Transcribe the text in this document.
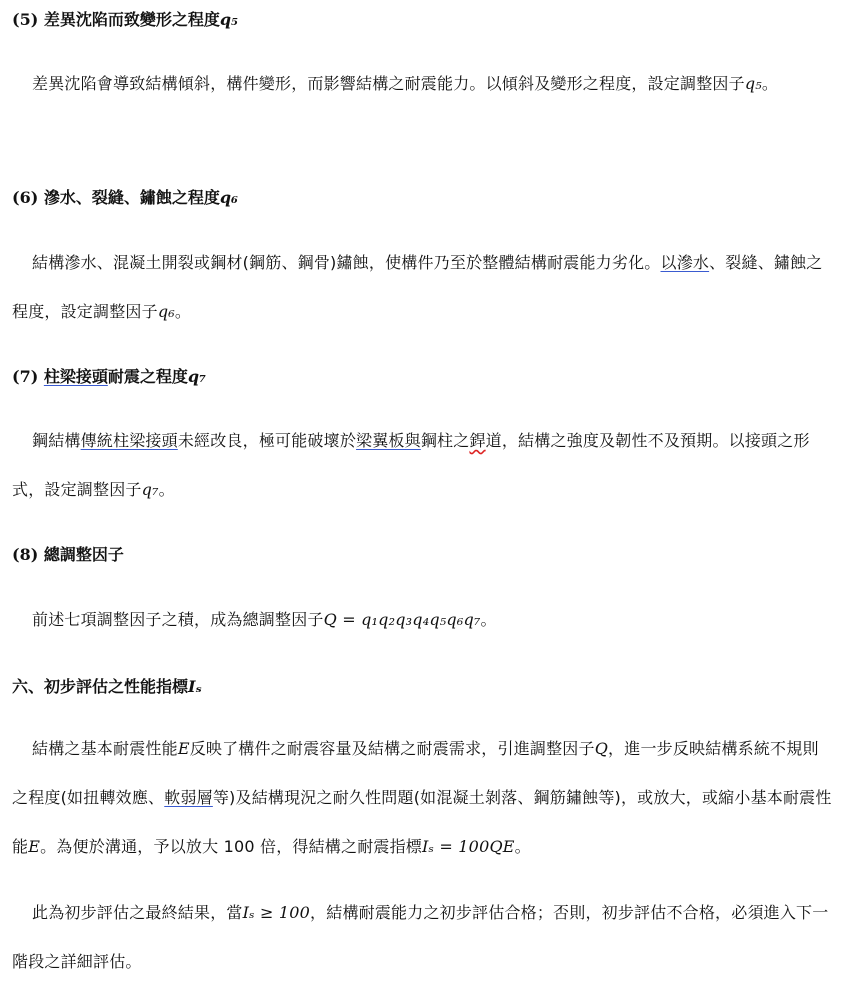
(5) 差異沈陷而致變形之程度q₅
差異沈陷會導致結構傾斜，構件變形，而影響結構之耐震能力。以傾斜及變形之程度，設定調整因子q₅。
(6) 滲水、裂縫、鏽蝕之程度q₆
結構滲水、混凝土開裂或鋼材(鋼筋、鋼骨)鏽蝕，使構件乃至於整體結構耐震能力劣化。以滲水、裂縫、鏽蝕之程度，設定調整因子q₆。
(7) 柱梁接頭耐震之程度q₇
鋼結構傳統柱梁接頭未經改良，極可能破壞於梁翼板與鋼柱之銲道，結構之強度及韌性不及預期。以接頭之形式，設定調整因子q₇。
(8) 總調整因子
前述七項調整因子之積，成為總調整因子Q = q₁q₂q₃q₄q₅q₆q₇。
六、初步評估之性能指標Iₛ
結構之基本耐震性能E反映了構件之耐震容量及結構之耐震需求，引進調整因子Q，進一步反映結構系統不規則之程度(如扭轉效應、軟弱層等)及結構現況之耐久性問題(如混凝土剝落、鋼筋鏽蝕等)，或放大，或縮小基本耐震性能E。為便於溝通，予以放大 100 倍，得結構之耐震指標Iₛ = 100QE。
此為初步評估之最終結果，當Iₛ ≥ 100，結構耐震能力之初步評估合格；否則，初步評估不合格，必須進入下一階段之詳細評估。
